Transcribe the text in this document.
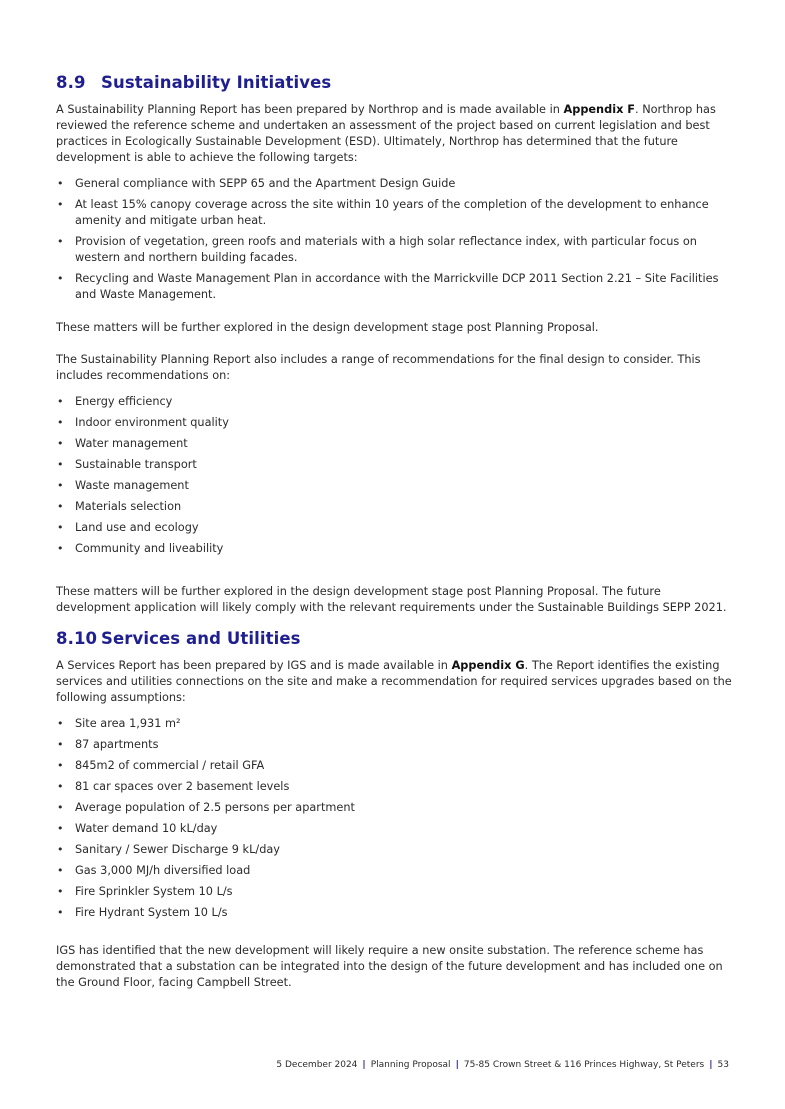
8.9 Sustainability Initiatives

A Sustainability Planning Report has been prepared by Northrop and is made available in Appendix F. Northrop has reviewed the reference scheme and undertaken an assessment of the project based on current legislation and best practices in Ecologically Sustainable Development (ESD). Ultimately, Northrop has determined that the future development is able to achieve the following targets:

• General compliance with SEPP 65 and the Apartment Design Guide
• At least 15% canopy coverage across the site within 10 years of the completion of the development to enhance amenity and mitigate urban heat.
• Provision of vegetation, green roofs and materials with a high solar reflectance index, with particular focus on western and northern building facades.
• Recycling and Waste Management Plan in accordance with the Marrickville DCP 2011 Section 2.21 – Site Facilities and Waste Management.

These matters will be further explored in the design development stage post Planning Proposal.

The Sustainability Planning Report also includes a range of recommendations for the final design to consider. This includes recommendations on:

• Energy efficiency
• Indoor environment quality
• Water management
• Sustainable transport
• Waste management
• Materials selection
• Land use and ecology
• Community and liveability

These matters will be further explored in the design development stage post Planning Proposal. The future development application will likely comply with the relevant requirements under the Sustainable Buildings SEPP 2021.

8.10 Services and Utilities

A Services Report has been prepared by IGS and is made available in Appendix G. The Report identifies the existing services and utilities connections on the site and make a recommendation for required services upgrades based on the following assumptions:

• Site area 1,931 m²
• 87 apartments
• 845m2 of commercial / retail GFA
• 81 car spaces over 2 basement levels
• Average population of 2.5 persons per apartment
• Water demand 10 kL/day
• Sanitary / Sewer Discharge 9 kL/day
• Gas 3,000 MJ/h diversified load
• Fire Sprinkler System 10 L/s
• Fire Hydrant System 10 L/s

IGS has identified that the new development will likely require a new onsite substation. The reference scheme has demonstrated that a substation can be integrated into the design of the future development and has included one on the Ground Floor, facing Campbell Street.

5 December 2024 | Planning Proposal | 75-85 Crown Street & 116 Princes Highway, St Peters | 53
